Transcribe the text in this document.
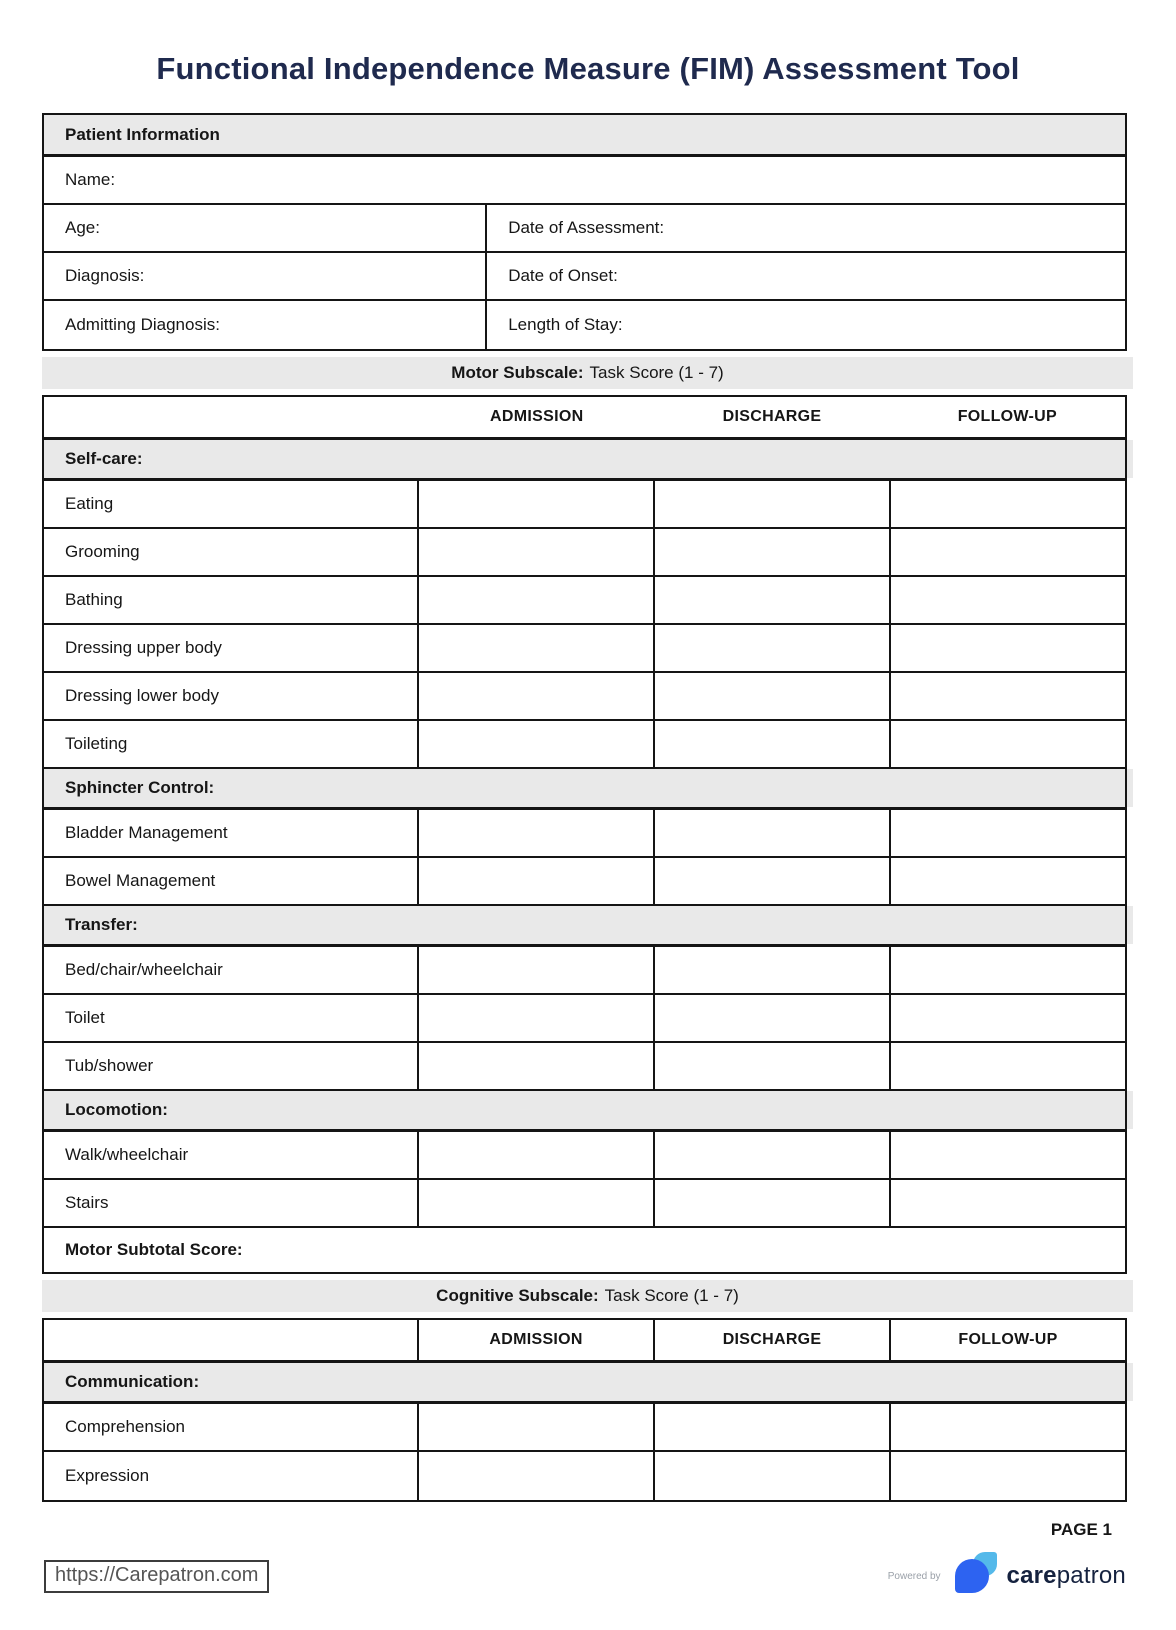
Functional Independence Measure (FIM) Assessment Tool
Patient Information
Name:
Age:	Date of Assessment:
Diagnosis:	Date of Onset:
Admitting Diagnosis:	Length of Stay:
Motor Subscale: Task Score (1 - 7)
ADMISSION	DISCHARGE	FOLLOW-UP
Self-care:
Eating
Grooming
Bathing
Dressing upper body
Dressing lower body
Toileting
Sphincter Control:
Bladder Management
Bowel Management
Transfer:
Bed/chair/wheelchair
Toilet
Tub/shower
Locomotion:
Walk/wheelchair
Stairs
Motor Subtotal Score:
Cognitive Subscale: Task Score (1 - 7)
ADMISSION	DISCHARGE	FOLLOW-UP
Communication:
Comprehension
Expression
PAGE 1
https://Carepatron.com	Powered by	carepatron
